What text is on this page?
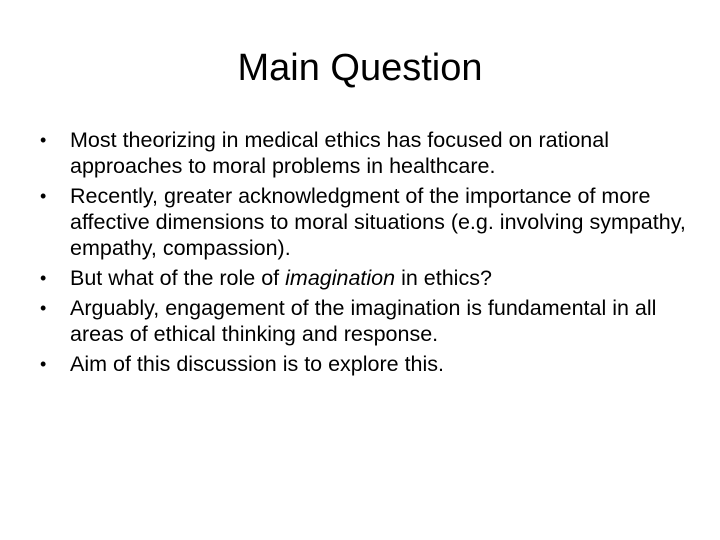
Main Question
•	Most theorizing in medical ethics has focused on rational approaches to moral problems in healthcare.
•	Recently, greater acknowledgment of the importance of more affective dimensions to moral situations (e.g. involving sympathy, empathy, compassion).
•	But what of the role of imagination in ethics?
•	Arguably, engagement of the imagination is fundamental in all areas of ethical thinking and response.
•	Aim of this discussion is to explore this.
